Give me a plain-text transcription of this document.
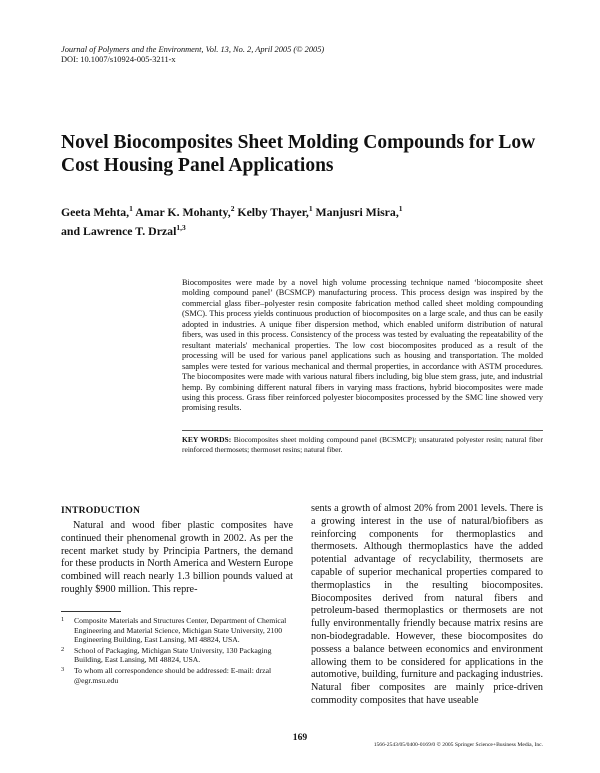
Journal of Polymers and the Environment, Vol. 13, No. 2, April 2005 (© 2005)
DOI: 10.1007/s10924-005-3211-x
Novel Biocomposites Sheet Molding Compounds for Low Cost Housing Panel Applications
Geeta Mehta,$^1$ Amar K. Mohanty,$^2$ Kelby Thayer,$^1$ Manjusri Misra,$^1$
and Lawrence T. Drzal$^{1,3}$
Biocomposites were made by a novel high volume processing technique named ‘biocomposite sheet molding compound panel’ (BCSMCP) manufacturing process. This process design was inspired by the commercial glass fiber–polyester resin composite fabrication method called sheet molding compounding (SMC). This process yields continuous production of biocomposites on a large scale, and thus can be easily adopted in industries. A unique fiber dispersion method, which enabled uniform distribution of natural fibers, was used in this process. Consistency of the process was tested by evaluating the repeatability of the resultant materials' mechanical properties. The low cost biocomposites produced as a result of the processing will be used for various panel applications such as housing and transportation. The molded samples were tested for various mechanical and thermal properties, in accordance with ASTM procedures. The biocomposites were made with various natural fibers including, big blue stem grass, jute, and industrial hemp. By combining different natural fibers in varying mass fractions, hybrid biocomposites were made using this process. Grass fiber reinforced polyester biocomposites processed by the SMC line showed very promising results.
KEY WORDS: Biocomposites sheet molding compound panel (BCSMCP); unsaturated polyester resin; natural fiber reinforced thermosets; thermoset resins; natural fiber.
INTRODUCTION
Natural and wood fiber plastic composites have continued their phenomenal growth in 2002. As per the recent market study by Principia Partners, the demand for these products in North America and Western Europe combined will reach nearly 1.3 billion pounds valued at roughly $900 million. This repre-
sents a growth of almost 20% from 2001 levels. There is a growing interest in the use of natural/biofibers as reinforcing components for thermoplastics and thermosets. Although thermoplastics have the added potential advantage of recyclability, thermosets are capable of superior mechanical properties compared to thermoplastics in the resulting biocomposites. Biocomposites derived from natural fibers and petroleum-based thermoplastics or thermosets are not fully environmentally friendly because matrix resins are non-biodegradable. However, these biocomposites do possess a balance between economics and environment allowing them to be considered for applications in the automotive, building, furniture and packaging industries. Natural fiber composites are mainly price-driven commodity composites that have useable
1 Composite Materials and Structures Center, Department of Chemical Engineering and Material Science, Michigan State University, 2100 Engineering Building, East Lansing, MI 48824, USA.
2 School of Packaging, Michigan State University, 130 Packaging Building, East Lansing, MI 48824, USA.
3 To whom all correspondence should be addressed: E-mail: drzal @egr.msu.edu
169
1566-2543/05/0400-0169/0 © 2005 Springer Science+Business Media, Inc.
